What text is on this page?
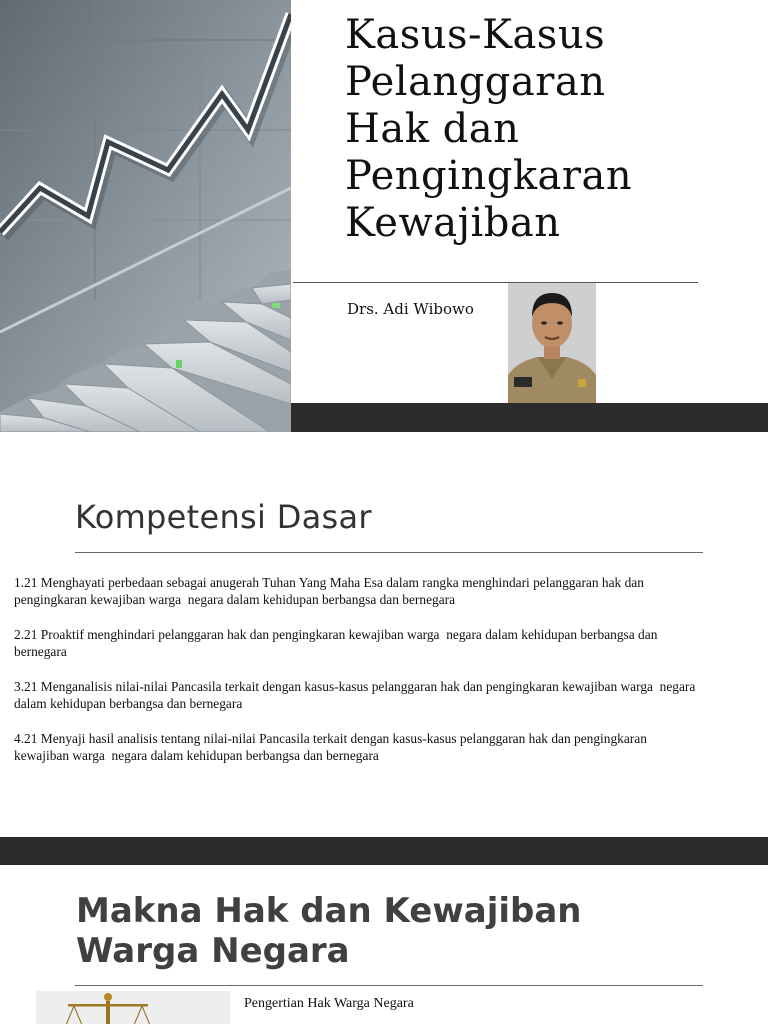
Kasus-Kasus
Pelanggaran
Hak dan
Pengingkaran
Kewajiban
Drs. Adi Wibowo
Kompetensi Dasar

1.21 Menghayati perbedaan sebagai anugerah Tuhan Yang Maha Esa dalam rangka menghindari pelanggaran hak dan
pengingkaran kewajiban warga  negara dalam kehidupan berbangsa dan bernegara

2.21 Proaktif menghindari pelanggaran hak dan pengingkaran kewajiban warga  negara dalam kehidupan berbangsa dan
bernegara

3.21 Menganalisis nilai-nilai Pancasila terkait dengan kasus-kasus pelanggaran hak dan pengingkaran kewajiban warga  negara
dalam kehidupan berbangsa dan bernegara

4.21 Menyaji hasil analisis tentang nilai-nilai Pancasila terkait dengan kasus-kasus pelanggaran hak dan pengingkaran
kewajiban warga  negara dalam kehidupan berbangsa dan bernegara

Makna Hak dan Kewajiban Warga Negara
Pengertian Hak Warga Negara
